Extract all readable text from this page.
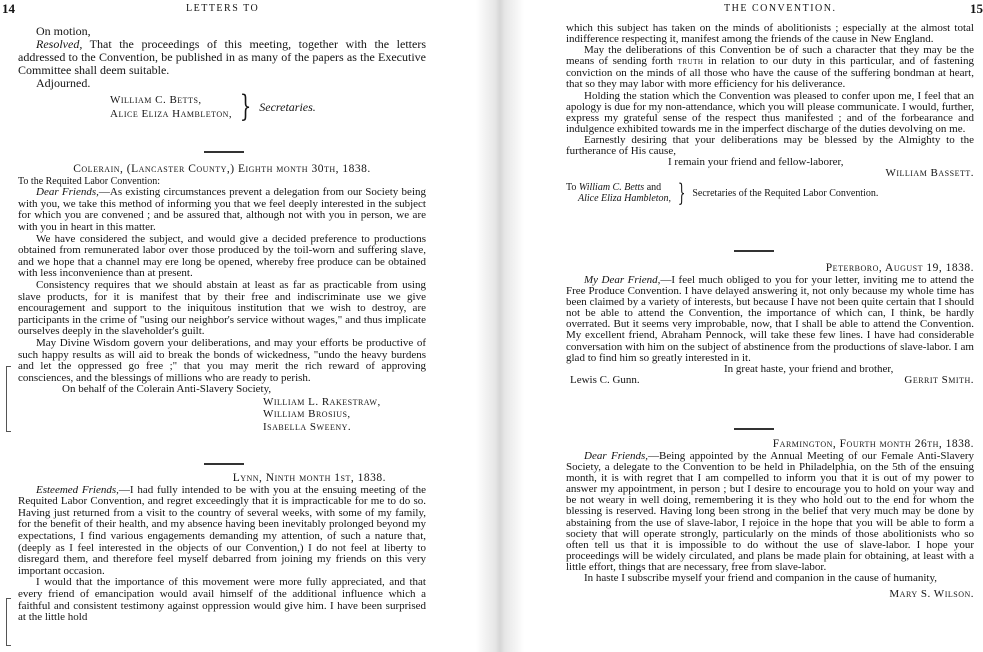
14	LETTERS TO

On motion,

Resolved, That the proceedings of this meeting, together with the letters addressed to the Convention, be published in as many of the papers as the Executive Committee shall deem suitable.

Adjourned.

William C. Betts,
Alice Eliza Hambleton, } Secretaries.

Colerain, (Lancaster County,) Eighth month 30th, 1838.

To the Requited Labor Convention:

Dear Friends,—As existing circumstances prevent a delegation from our Society being with you, we take this method of informing you that we feel deeply interested in the subject for which you are convened ; and be assured that, although not with you in person, we are with you in heart in this matter.

We have considered the subject, and would give a decided preference to productions obtained from remunerated labor over those produced by the toil-worn and suffering slave, and we hope that a channel may ere long be opened, whereby free produce can be obtained with less inconvenience than at present.

Consistency requires that we should abstain at least as far as practicable from using slave products, for it is manifest that by their free and indiscriminate use we give encouragement and support to the iniquitous institution that we wish to destroy, are participants in the crime of "using our neighbor's service without wages," and thus implicate ourselves deeply in the slaveholder's guilt.

May Divine Wisdom govern your deliberations, and may your efforts be productive of such happy results as will aid to break the bonds of wickedness, "undo the heavy burdens and let the oppressed go free ;" that you may merit the rich reward of approving consciences, and the blessings of millions who are ready to perish.

On behalf of the Colerain Anti-Slavery Society,

William L. Rakestraw,
William Brosius,
Isabella Sweeny.

Lynn, Ninth month 1st, 1838.

Esteemed Friends,—I had fully intended to be with you at the ensuing meeting of the Requited Labor Convention, and regret exceedingly that it is impracticable for me to do so. Having just returned from a visit to the country of several weeks, with some of my family, for the benefit of their health, and my absence having been inevitably prolonged beyond my expectations, I find various engagements demanding my attention, of such a nature that, (deeply as I feel interested in the objects of our Convention,) I do not feel at liberty to disregard them, and therefore feel myself debarred from joining my friends on this very important occasion.

I would that the importance of this movement were more fully appreciated, and that every friend of emancipation would avail himself of the additional influence which a faithful and consistent testimony against oppression would give him. I have been surprised at the little hold

THE CONVENTION.	15

which this subject has taken on the minds of abolitionists ; especially at the almost total indifference respecting it, manifest among the friends of the cause in New England.

May the deliberations of this Convention be of such a character that they may be the means of sending forth truth in relation to our duty in this particular, and of fastening conviction on the minds of all those who have the cause of the suffering bondman at heart, that so they may labor with more efficiency for his deliverance.

Holding the station which the Convention was pleased to confer upon me, I feel that an apology is due for my non-attendance, which you will please communicate. I would, further, express my grateful sense of the respect thus manifested ; and of the forbearance and indulgence exhibited towards me in the imperfect discharge of the duties devolving on me.

Earnestly desiring that your deliberations may be blessed by the Almighty to the furtherance of His cause,

I remain your friend and fellow-laborer,

William Bassett.

To William C. Betts and
Alice Eliza Hambleton, } Secretaries of the Requited Labor Convention.

Peterboro, August 19, 1838.

My Dear Friend,—I feel much obliged to you for your letter, inviting me to attend the Free Produce Convention. I have delayed answering it, not only because my whole time has been claimed by a variety of interests, but because I have not been quite certain that I should not be able to attend the Convention, the importance of which can, I think, be hardly overrated. But it seems very improbable, now, that I shall be able to attend the Convention. My excellent friend, Abraham Pennock, will take these few lines. I have had considerable conversation with him on the subject of abstinence from the productions of slave-labor. I am glad to find him so greatly interested in it.

In great haste, your friend and brother,

Lewis C. Gunn.	Gerrit Smith.

Farmington, Fourth month 26th, 1838.

Dear Friends,—Being appointed by the Annual Meeting of our Female Anti-Slavery Society, a delegate to the Convention to be held in Philadelphia, on the 5th of the ensuing month, it is with regret that I am compelled to inform you that it is out of my power to answer my appointment, in person ; but I desire to encourage you to hold on your way and be not weary in well doing, remembering it is they who hold out to the end for whom the blessing is reserved. Having long been strong in the belief that very much may be done by abstaining from the use of slave-labor, I rejoice in the hope that you will be able to form a society that will operate strongly, particularly on the minds of those abolitionists who so often tell us that it is impossible to do without the use of slave-labor. I hope your proceedings will be widely circulated, and plans be made plain for obtaining, at least with a little effort, things that are necessary, free from slave-labor.

In haste I subscribe myself your friend and companion in the cause of humanity,

Mary S. Wilson.
